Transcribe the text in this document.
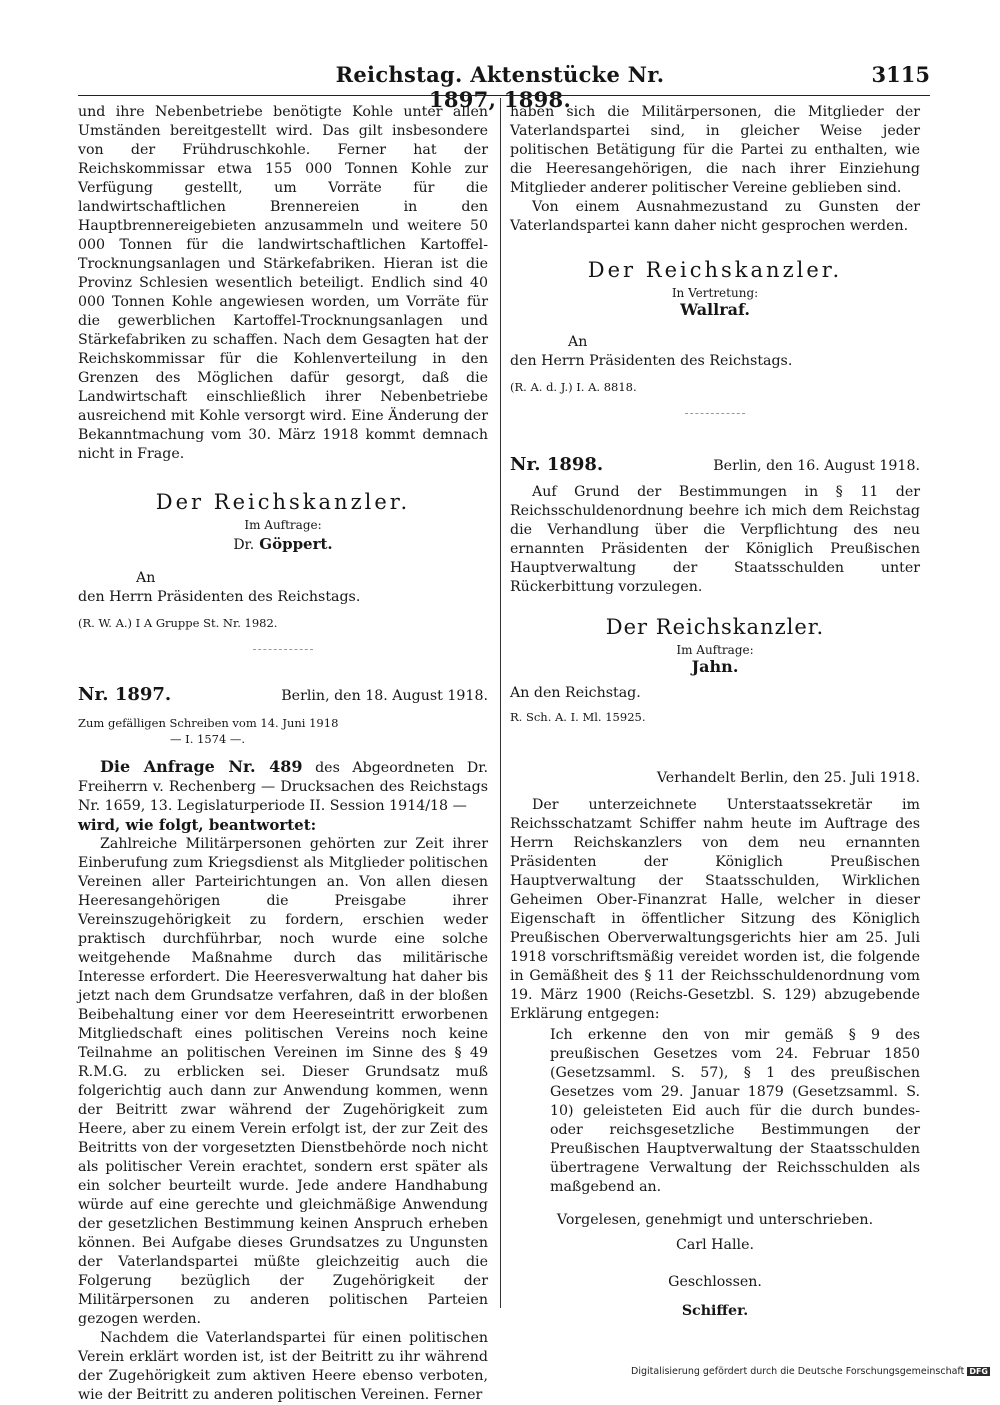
Reichstag. Aktenstücke Nr. 1897, 1898.
3115

und ihre Nebenbetriebe benötigte Kohle unter allen Umständen bereitgestellt wird. Das gilt insbesondere von der Frühdruschkohle. Ferner hat der Reichskommissar etwa 155 000 Tonnen Kohle zur Verfügung gestellt, um Vorräte für die landwirtschaftlichen Brennereien in den Hauptbrennereigebieten anzusammeln und weitere 50 000 Tonnen für die landwirtschaftlichen Kartoffel-Trocknungsanlagen und Stärkefabriken. Hieran ist die Provinz Schlesien wesentlich beteiligt. Endlich sind 40 000 Tonnen Kohle angewiesen worden, um Vorräte für die gewerblichen Kartoffel-Trocknungsanlagen und Stärkefabriken zu schaffen. Nach dem Gesagten hat der Reichskommissar für die Kohlenverteilung in den Grenzen des Möglichen dafür gesorgt, daß die Landwirtschaft einschließlich ihrer Nebenbetriebe ausreichend mit Kohle versorgt wird. Eine Änderung der Bekanntmachung vom 30. März 1918 kommt demnach nicht in Frage.

Der Reichskanzler.

Im Auftrage:

Dr. Göppert.

An

den Herrn Präsidenten des Reichstags.

(R. W. A.) I A Gruppe St. Nr. 1982.

Nr. 1897.	Berlin, den 18. August 1918.

Zum gefälligen Schreiben vom 14. Juni 1918

— I. 1574 —.

Die Anfrage Nr. 489 des Abgeordneten Dr. Freiherrn v. Rechenberg — Drucksachen des Reichstags Nr. 1659, 13. Legislaturperiode II. Session 1914/18 —

wird, wie folgt, beantwortet:

Zahlreiche Militärpersonen gehörten zur Zeit ihrer Einberufung zum Kriegsdienst als Mitglieder politischen Vereinen aller Parteirichtungen an. Von allen diesen Heeresangehörigen die Preisgabe ihrer Vereinszugehörigkeit zu fordern, erschien weder praktisch durchführbar, noch wurde eine solche weitgehende Maßnahme durch das militärische Interesse erfordert. Die Heeresverwaltung hat daher bis jetzt nach dem Grundsatze verfahren, daß in der bloßen Beibehaltung einer vor dem Heereseintritt erworbenen Mitgliedschaft eines politischen Vereins noch keine Teilnahme an politischen Vereinen im Sinne des § 49 R.M.G. zu erblicken sei. Dieser Grundsatz muß folgerichtig auch dann zur Anwendung kommen, wenn der Beitritt zwar während der Zugehörigkeit zum Heere, aber zu einem Verein erfolgt ist, der zur Zeit des Beitritts von der vorgesetzten Dienstbehörde noch nicht als politischer Verein erachtet, sondern erst später als ein solcher beurteilt wurde. Jede andere Handhabung würde auf eine gerechte und gleichmäßige Anwendung der gesetzlichen Bestimmung keinen Anspruch erheben können. Bei Aufgabe dieses Grundsatzes zu Ungunsten der Vaterlandspartei müßte gleichzeitig auch die Folgerung bezüglich der Zugehörigkeit der Militärpersonen zu anderen politischen Parteien gezogen werden.

Nachdem die Vaterlandspartei für einen politischen Verein erklärt worden ist, ist der Beitritt zu ihr während der Zugehörigkeit zum aktiven Heere ebenso verboten, wie der Beitritt zu anderen politischen Vereinen. Ferner

haben sich die Militärpersonen, die Mitglieder der Vaterlandspartei sind, in gleicher Weise jeder politischen Betätigung für die Partei zu enthalten, wie die Heeresangehörigen, die nach ihrer Einziehung Mitglieder anderer politischer Vereine geblieben sind.

Von einem Ausnahmezustand zu Gunsten der Vaterlandspartei kann daher nicht gesprochen werden.

Der Reichskanzler.

In Vertretung:

Wallraf.

An

den Herrn Präsidenten des Reichstags.

(R. A. d. J.) I. A. 8818.

Nr. 1898.	Berlin, den 16. August 1918.

Auf Grund der Bestimmungen in § 11 der Reichsschuldenordnung beehre ich mich dem Reichstag die Verhandlung über die Verpflichtung des neu ernannten Präsidenten der Königlich Preußischen Hauptverwaltung der Staatsschulden unter Rückerbittung vorzulegen.

Der Reichskanzler.

Im Auftrage:

Jahn.

An den Reichstag.

R. Sch. A. I. Ml. 15925.

Verhandelt Berlin, den 25. Juli 1918.

Der unterzeichnete Unterstaatssekretär im Reichsschatzamt Schiffer nahm heute im Auftrage des Herrn Reichskanzlers von dem neu ernannten Präsidenten der Königlich Preußischen Hauptverwaltung der Staatsschulden, Wirklichen Geheimen Ober-Finanzrat Halle, welcher in dieser Eigenschaft in öffentlicher Sitzung des Königlich Preußischen Oberverwaltungsgerichts hier am 25. Juli 1918 vorschriftsmäßig vereidet worden ist, die folgende in Gemäßheit des § 11 der Reichsschuldenordnung vom 19. März 1900 (Reichs-Gesetzbl. S. 129) abzugebende Erklärung entgegen:

Ich erkenne den von mir gemäß § 9 des preußischen Gesetzes vom 24. Februar 1850 (Gesetzsamml. S. 57), § 1 des preußischen Gesetzes vom 29. Januar 1879 (Gesetzsamml. S. 10) geleisteten Eid auch für die durch bundes- oder reichsgesetzliche Bestimmungen der Preußischen Hauptverwaltung der Staatsschulden übertragene Verwaltung der Reichsschulden als maßgebend an.

Vorgelesen, genehmigt und unterschrieben.

Carl Halle.

Geschlossen.

Schiffer.

Digitalisierung gefördert durch die Deutsche Forschungsgemeinschaft DFG
